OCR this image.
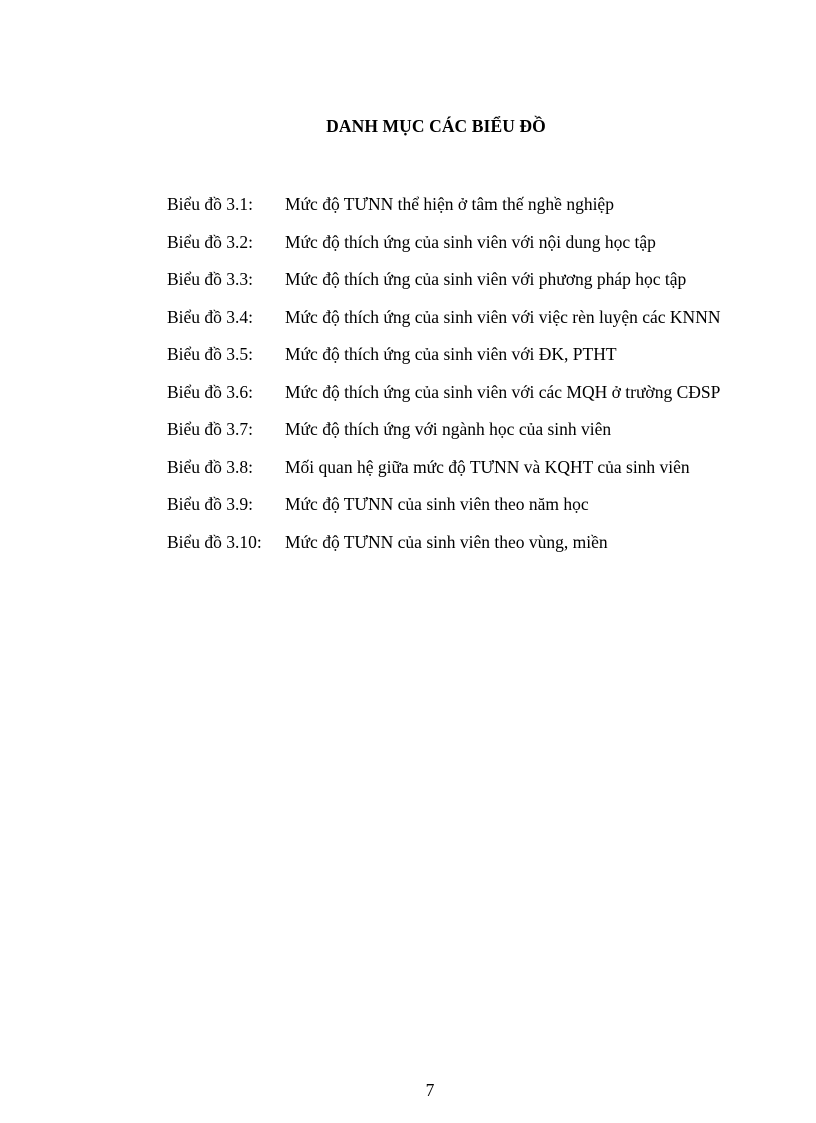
DANH MỤC CÁC BIỂU ĐỒ
Biểu đồ 3.1:	Mức độ TƯNN thể hiện ở tâm thế nghề nghiệp
Biểu đồ 3.2:	Mức độ thích ứng của sinh viên với nội dung học tập
Biểu đồ 3.3:	Mức độ thích ứng của sinh viên với phương pháp học tập
Biểu đồ 3.4:	Mức độ thích ứng của sinh viên với việc rèn luyện các KNNN
Biểu đồ 3.5:	Mức độ thích ứng của sinh viên với ĐK, PTHT
Biểu đồ 3.6:	Mức độ thích ứng của sinh viên với các MQH ở trường CĐSP
Biểu đồ 3.7:	Mức độ thích ứng với ngành học của sinh viên
Biểu đồ 3.8:	Mối quan hệ giữa mức độ TƯNN và KQHT của sinh viên
Biểu đồ 3.9:	Mức độ TƯNN của sinh viên theo năm học
Biểu đồ 3.10:	Mức độ TƯNN của sinh viên theo vùng, miền
7
